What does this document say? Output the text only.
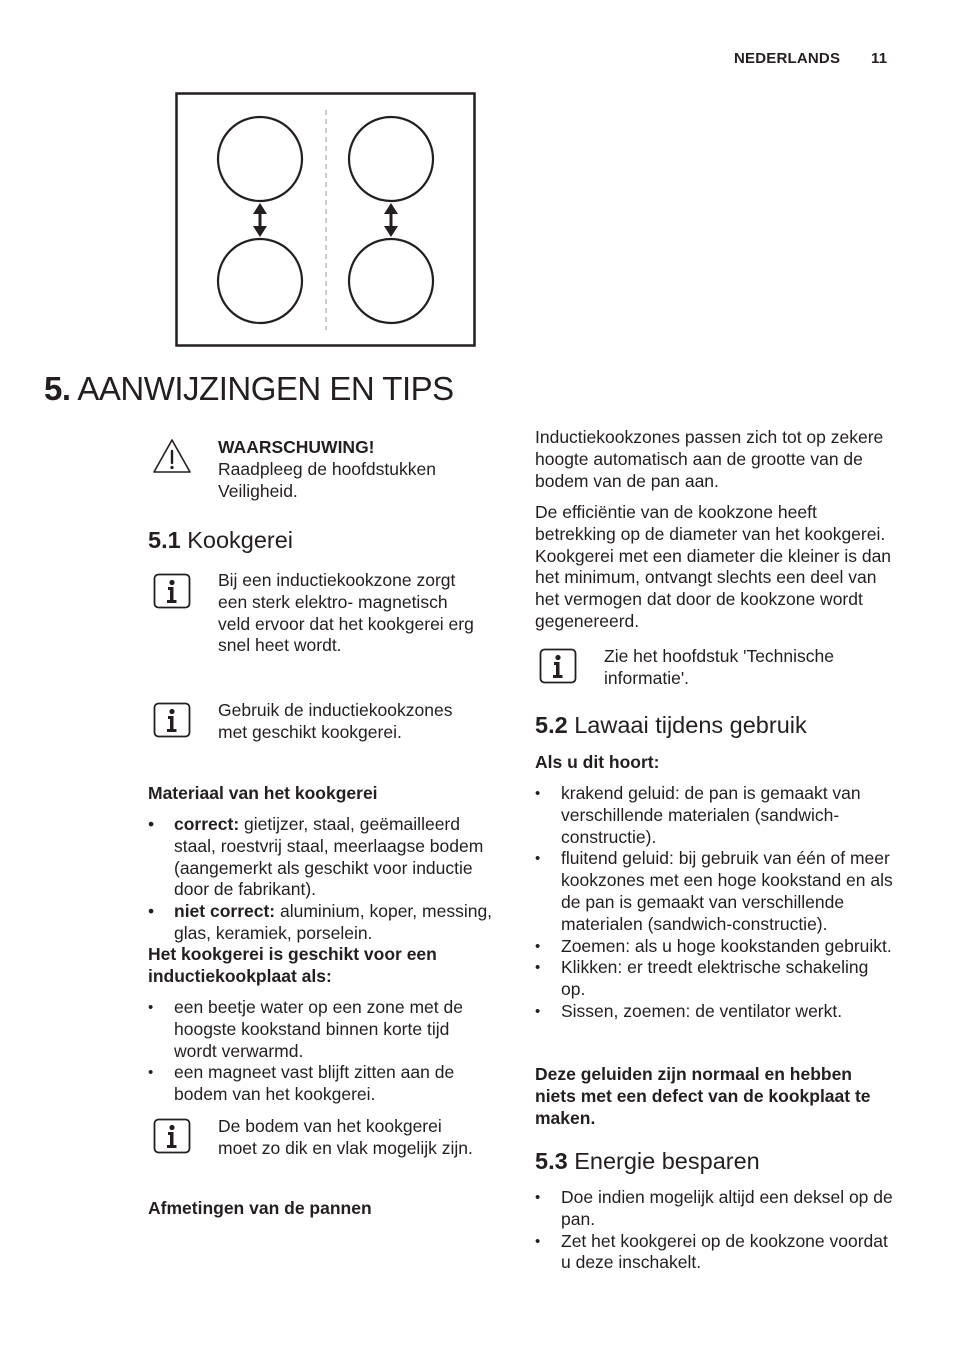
NEDERLANDS 11
5. AANWIJZINGEN EN TIPS
WAARSCHUWING!
Raadpleeg de hoofdstukken Veiligheid.
5.1 Kookgerei
Bij een inductiekookzone zorgt een sterk elektro- magnetisch veld ervoor dat het kookgerei erg snel heet wordt.
Gebruik de inductiekookzones met geschikt kookgerei.
Materiaal van het kookgerei
• correct: gietijzer, staal, geëmailleerd staal, roestvrij staal, meerlaagse bodem (aangemerkt als geschikt voor inductie door de fabrikant).
• niet correct: aluminium, koper, messing, glas, keramiek, porselein.
Het kookgerei is geschikt voor een inductiekookplaat als:
• een beetje water op een zone met de hoogste kookstand binnen korte tijd wordt verwarmd.
• een magneet vast blijft zitten aan de bodem van het kookgerei.
De bodem van het kookgerei moet zo dik en vlak mogelijk zijn.
Afmetingen van de pannen
Inductiekookzones passen zich tot op zekere hoogte automatisch aan de grootte van de bodem van de pan aan.
De efficiëntie van de kookzone heeft betrekking op de diameter van het kookgerei. Kookgerei met een diameter die kleiner is dan het minimum, ontvangt slechts een deel van het vermogen dat door de kookzone wordt gegenereerd.
Zie het hoofdstuk 'Technische informatie'.
5.2 Lawaai tijdens gebruik
Als u dit hoort:
• krakend geluid: de pan is gemaakt van verschillende materialen (sandwich- constructie).
• fluitend geluid: bij gebruik van één of meer kookzones met een hoge kookstand en als de pan is gemaakt van verschillende materialen (sandwich-constructie).
• Zoemen: als u hoge kookstanden gebruikt.
• Klikken: er treedt elektrische schakeling op.
• Sissen, zoemen: de ventilator werkt.
Deze geluiden zijn normaal en hebben niets met een defect van de kookplaat te maken.
5.3 Energie besparen
• Doe indien mogelijk altijd een deksel op de pan.
• Zet het kookgerei op de kookzone voordat u deze inschakelt.
